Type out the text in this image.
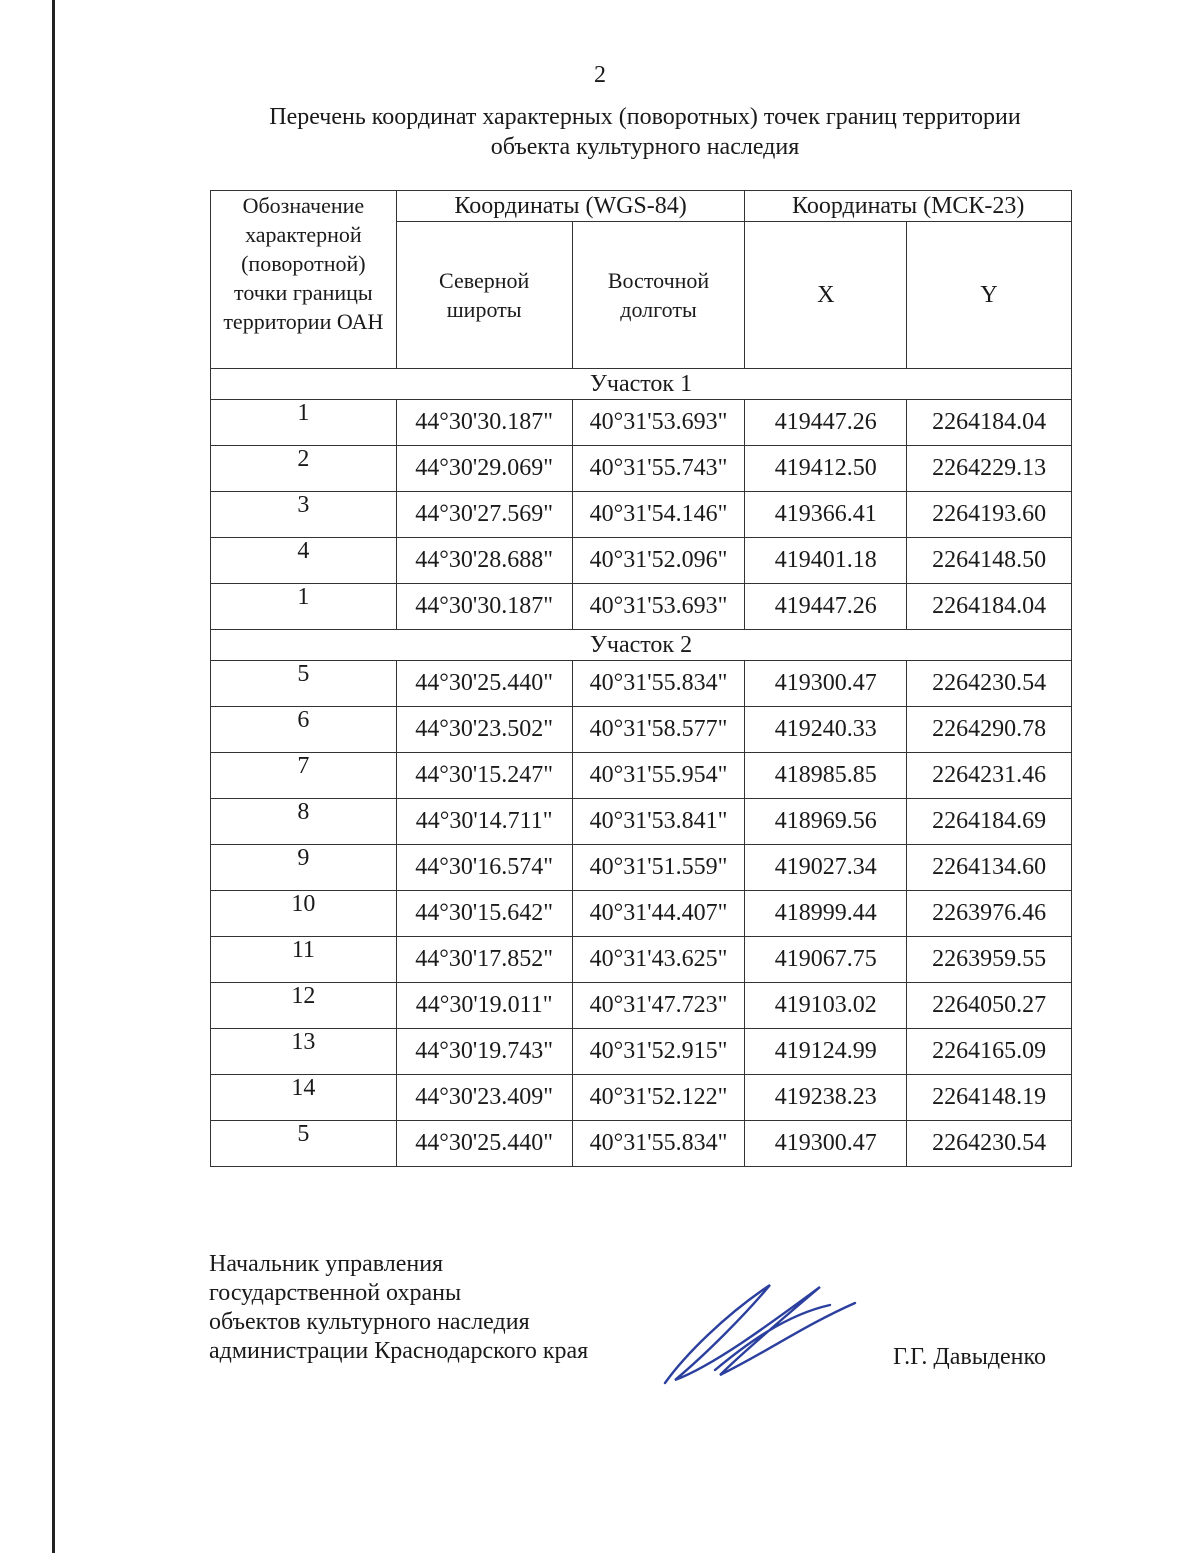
2
Перечень координат характерных (поворотных) точек границ территории
объекта культурного наследия
Обозначение характерной (поворотной) точки границы территории ОАН	Координаты (WGS-84)		Координаты (МСК-23)	
	Северной широты	Восточной долготы	X	Y
Участок 1				
1	44°30'30.187"	40°31'53.693"	419447.26	2264184.04
2	44°30'29.069"	40°31'55.743"	419412.50	2264229.13
3	44°30'27.569"	40°31'54.146"	419366.41	2264193.60
4	44°30'28.688"	40°31'52.096"	419401.18	2264148.50
1	44°30'30.187"	40°31'53.693"	419447.26	2264184.04
Участок 2				
5	44°30'25.440"	40°31'55.834"	419300.47	2264230.54
6	44°30'23.502"	40°31'58.577"	419240.33	2264290.78
7	44°30'15.247"	40°31'55.954"	418985.85	2264231.46
8	44°30'14.711"	40°31'53.841"	418969.56	2264184.69
9	44°30'16.574"	40°31'51.559"	419027.34	2264134.60
10	44°30'15.642"	40°31'44.407"	418999.44	2263976.46
11	44°30'17.852"	40°31'43.625"	419067.75	2263959.55
12	44°30'19.011"	40°31'47.723"	419103.02	2264050.27
13	44°30'19.743"	40°31'52.915"	419124.99	2264165.09
14	44°30'23.409"	40°31'52.122"	419238.23	2264148.19
5	44°30'25.440"	40°31'55.834"	419300.47	2264230.54
Начальник управления
государственной охраны
объектов культурного наследия
администрации Краснодарского края	Г.Г. Давыденко
